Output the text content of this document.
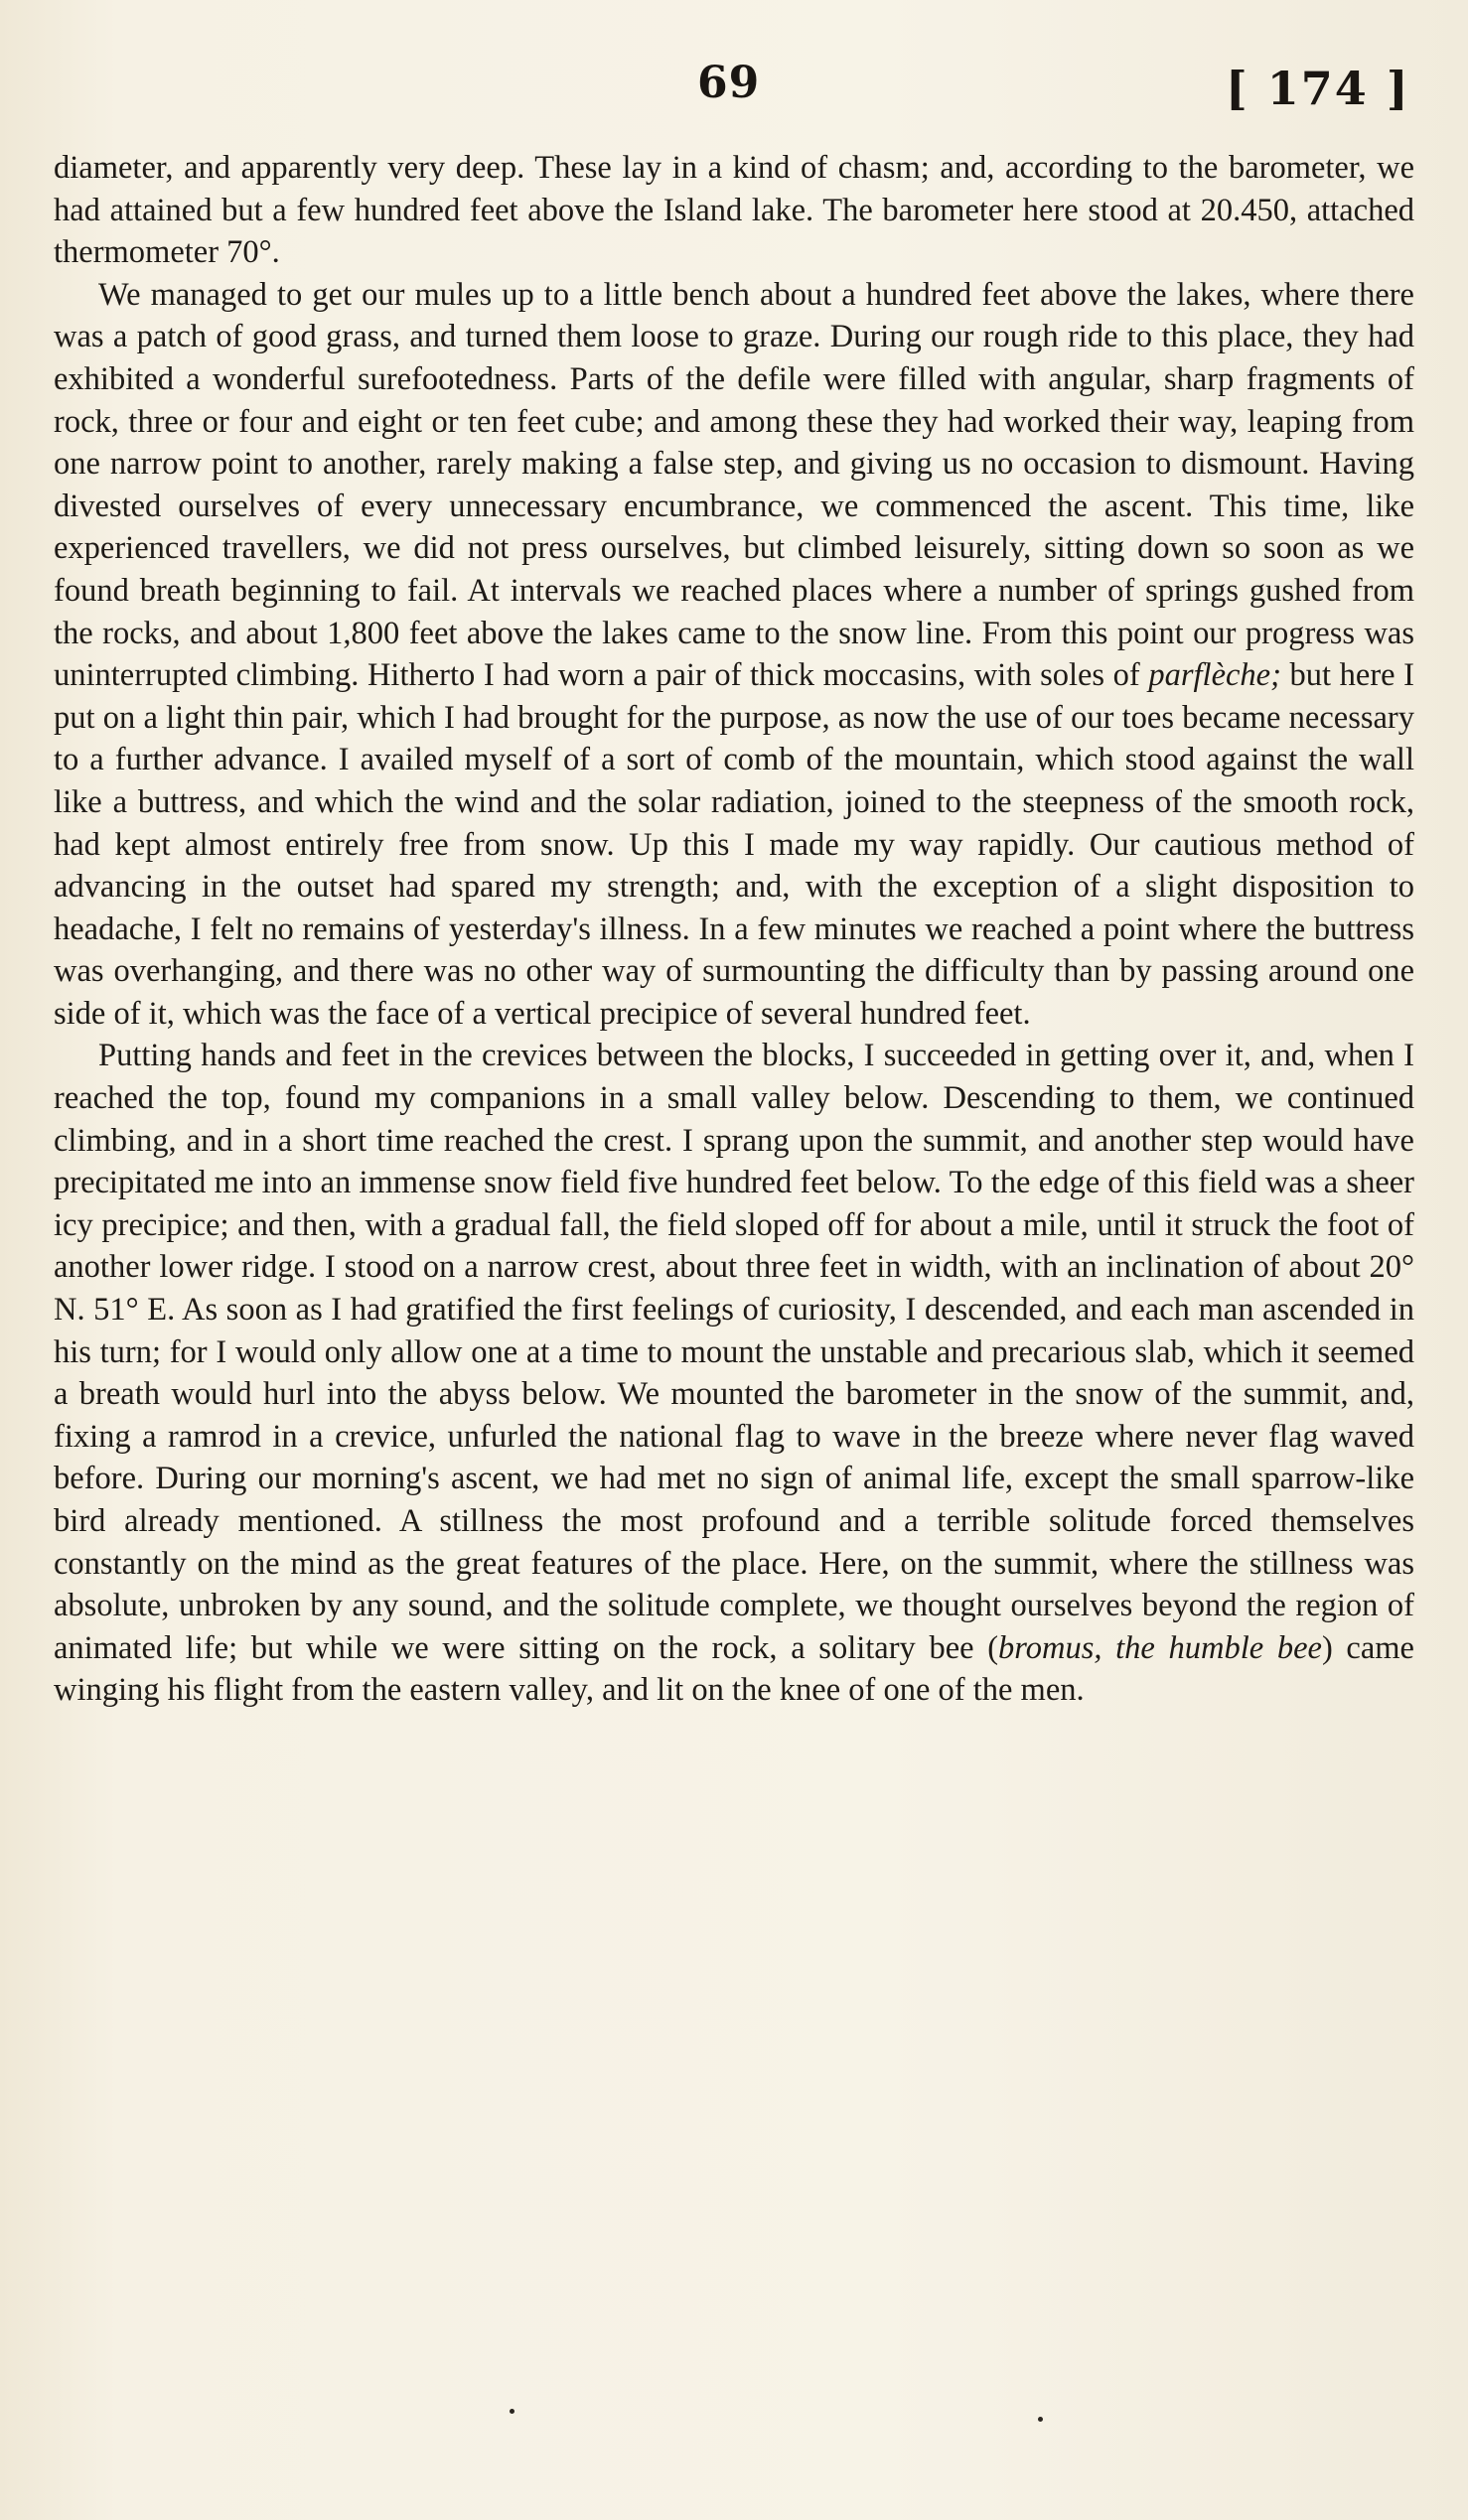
69	[ 174 ]

diameter, and apparently very deep. These lay in a kind of chasm; and, according to the barometer, we had attained but a few hundred feet above the Island lake. The barometer here stood at 20.450, attached thermometer 70°.

We managed to get our mules up to a little bench about a hundred feet above the lakes, where there was a patch of good grass, and turned them loose to graze. During our rough ride to this place, they had exhibited a wonderful surefootedness. Parts of the defile were filled with angular, sharp fragments of rock, three or four and eight or ten feet cube; and among these they had worked their way, leaping from one narrow point to another, rarely making a false step, and giving us no occasion to dismount. Having divested ourselves of every unnecessary encumbrance, we commenced the ascent. This time, like experienced travellers, we did not press ourselves, but climbed leisurely, sitting down so soon as we found breath beginning to fail. At intervals we reached places where a number of springs gushed from the rocks, and about 1,800 feet above the lakes came to the snow line. From this point our progress was uninterrupted climbing. Hitherto I had worn a pair of thick moccasins, with soles of parflèche; but here I put on a light thin pair, which I had brought for the purpose, as now the use of our toes became necessary to a further advance. I availed myself of a sort of comb of the mountain, which stood against the wall like a buttress, and which the wind and the solar radiation, joined to the steepness of the smooth rock, had kept almost entirely free from snow. Up this I made my way rapidly. Our cautious method of advancing in the outset had spared my strength; and, with the exception of a slight disposition to headache, I felt no remains of yesterday's illness. In a few minutes we reached a point where the buttress was overhanging, and there was no other way of surmounting the difficulty than by passing around one side of it, which was the face of a vertical precipice of several hundred feet.

Putting hands and feet in the crevices between the blocks, I succeeded in getting over it, and, when I reached the top, found my companions in a small valley below. Descending to them, we continued climbing, and in a short time reached the crest. I sprang upon the summit, and another step would have precipitated me into an immense snow field five hundred feet below. To the edge of this field was a sheer icy precipice; and then, with a gradual fall, the field sloped off for about a mile, until it struck the foot of another lower ridge. I stood on a narrow crest, about three feet in width, with an inclination of about 20° N. 51° E. As soon as I had gratified the first feelings of curiosity, I descended, and each man ascended in his turn; for I would only allow one at a time to mount the unstable and precarious slab, which it seemed a breath would hurl into the abyss below. We mounted the barometer in the snow of the summit, and, fixing a ramrod in a crevice, unfurled the national flag to wave in the breeze where never flag waved before. During our morning's ascent, we had met no sign of animal life, except the small sparrow-like bird already mentioned. A stillness the most profound and a terrible solitude forced themselves constantly on the mind as the great features of the place. Here, on the summit, where the stillness was absolute, unbroken by any sound, and the solitude complete, we thought ourselves beyond the region of animated life; but while we were sitting on the rock, a solitary bee (bromus, the humble bee) came winging his flight from the eastern valley, and lit on the knee of one of the men.
